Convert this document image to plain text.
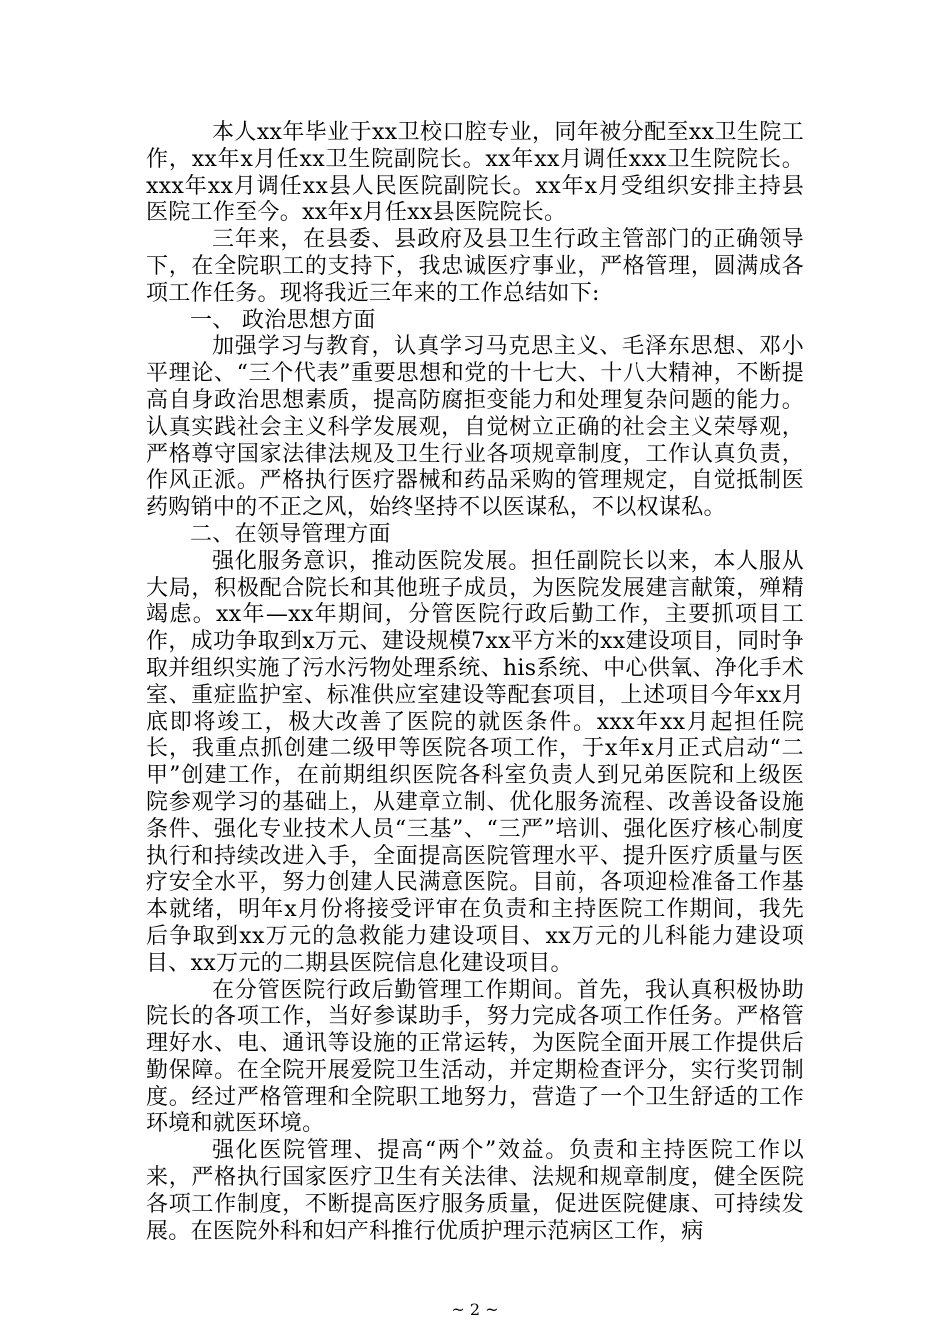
本人xx年毕业于xx卫校口腔专业，同年被分配至xx卫生院工作，xx年x月任xx卫生院副院长。xx年xx月调任xxx卫生院院长。xxx年xx月调任xx县人民医院副院长。xx年x月受组织安排主持县医院工作至今。xx年x月任xx县医院院长。

三年来，在县委、县政府及县卫生行政主管部门的正确领导下，在全院职工的支持下，我忠诚医疗事业，严格管理，圆满成各项工作任务。现将我近三年来的工作总结如下:

一、 政治思想方面

加强学习与教育，认真学习马克思主义、毛泽东思想、邓小平理论、“三个代表”重要思想和党的十七大、十八大精神，不断提高自身政治思想素质，提高防腐拒变能力和处理复杂问题的能力。认真实践社会主义科学发展观，自觉树立正确的社会主义荣辱观，严格尊守国家法律法规及卫生行业各项规章制度，工作认真负责，作风正派。严格执行医疗器械和药品采购的管理规定，自觉抵制医药购销中的不正之风，始终坚持不以医谋私，不以权谋私。

二、在领导管理方面

强化服务意识，推动医院发展。担任副院长以来，本人服从大局，积极配合院长和其他班子成员，为医院发展建言献策，殚精竭虑。xx年—xx年期间，分管医院行政后勤工作，主要抓项目工作，成功争取到x万元、建设规模7xx平方米的xx建设项目，同时争取并组织实施了污水污物处理系统、his系统、中心供氧、净化手术室、重症监护室、标准供应室建设等配套项目，上述项目今年xx月底即将竣工，极大改善了医院的就医条件。xxx年xx月起担任院长，我重点抓创建二级甲等医院各项工作，于x年x月正式启动“二甲”创建工作，在前期组织医院各科室负责人到兄弟医院和上级医院参观学习的基础上，从建章立制、优化服务流程、改善设备设施条件、强化专业技术人员“三基”、“三严”培训、强化医疗核心制度执行和持续改进入手，全面提高医院管理水平、提升医疗质量与医疗安全水平，努力创建人民满意医院。目前，各项迎检准备工作基本就绪，明年x月份将接受评审在负责和主持医院工作期间，我先后争取到xx万元的急救能力建设项目、xx万元的儿科能力建设项目、xx万元的二期县医院信息化建设项目。

在分管医院行政后勤管理工作期间。首先，我认真积极协助院长的各项工作，当好参谋助手，努力完成各项工作任务。严格管理好水、电、通讯等设施的正常运转，为医院全面开展工作提供后勤保障。在全院开展爱院卫生活动，并定期检查评分，实行奖罚制度。经过严格管理和全院职工地努力，营造了一个卫生舒适的工作环境和就医环境。

强化医院管理、提高“两个”效益。负责和主持医院工作以来，严格执行国家医疗卫生有关法律、法规和规章制度，健全医院各项工作制度，不断提高医疗服务质量，促进医院健康、可持续发展。在医院外科和妇产科推行优质护理示范病区工作，病

~ 2 ~
